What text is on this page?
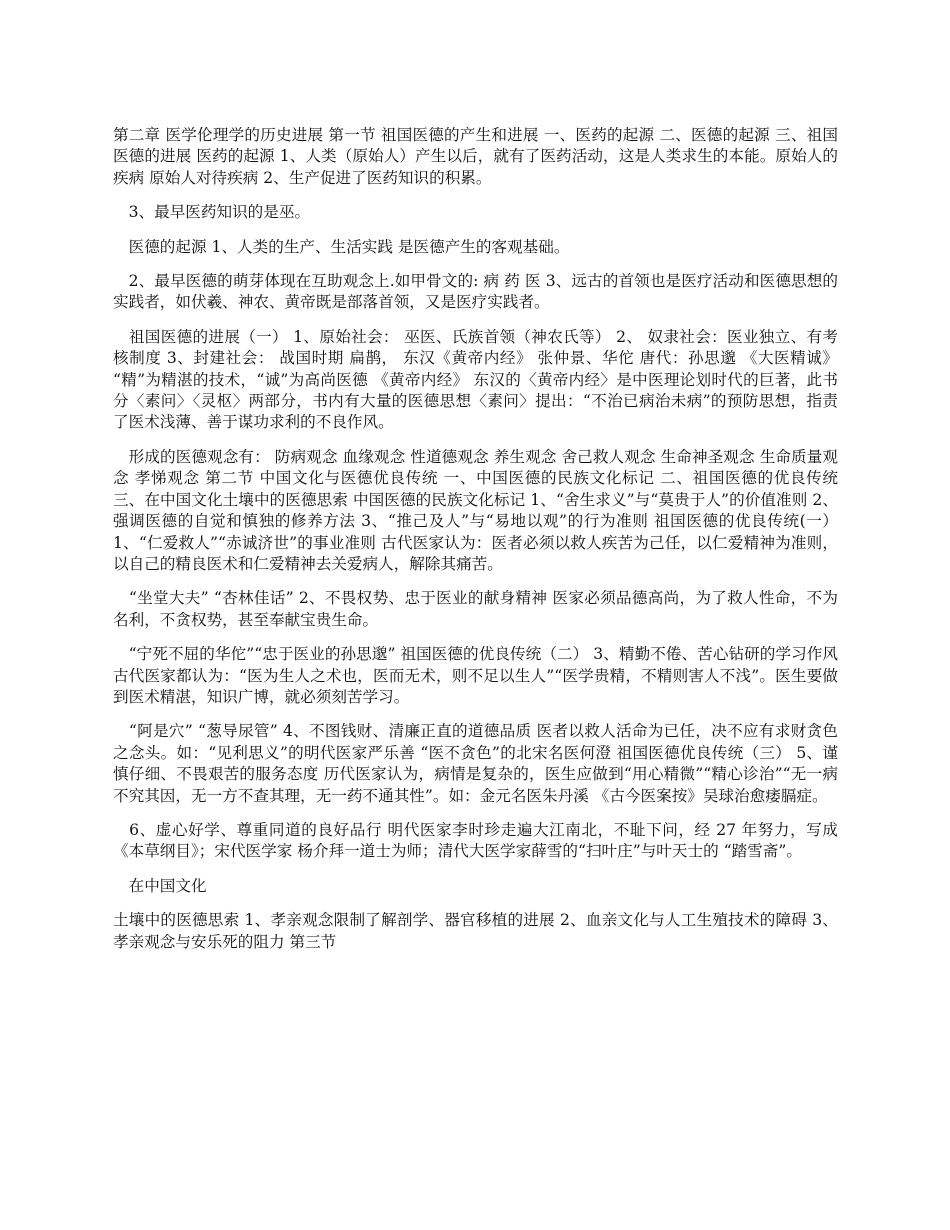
第二章 医学伦理学的历史进展 第一节 祖国医德的产生和进展 一、医药的起源 二、医德的起源 三、祖国医德的进展 医药的起源 1、人类（原始人）产生以后，就有了医药活动，这是人类求生的本能。原始人的疾病 原始人对待疾病 2、生产促进了医药知识的积累。

　3、最早医药知识的是巫。

　医德的起源 1、人类的生产、生活实践 是医德产生的客观基础。

　2、最早医德的萌芽体现在互助观念上.如甲骨文的: 病 药 医 3、远古的首领也是医疗活动和医德思想的实践者，如伏羲、神农、黄帝既是部落首领，又是医疗实践者。

　祖国医德的进展（一） 1、原始社会： 巫医、氏族首领（神农氏等） 2、 奴隶社会：医业独立、有考核制度 3、封建社会： 战国时期 扁鹊， 东汉《黄帝内经》 张仲景、华佗 唐代：孙思邈 《大医精诚》 “精”为精湛的技术，“诚”为高尚医德 《黄帝内经》 东汉的〈黄帝内经〉是中医理论划时代的巨著，此书分〈素问〉〈灵枢〉两部分，书内有大量的医德思想〈素问〉提出：“不治已病治未病”的预防思想，指责了医术浅薄、善于谋功求利的不良作风。

　形成的医德观念有： 防病观念 血缘观念 性道德观念 养生观念 舍己救人观念 生命神圣观念 生命质量观念 孝悌观念 第二节 中国文化与医德优良传统 一、中国医德的民族文化标记 二、祖国医德的优良传统 三、在中国文化土壤中的医德思索 中国医德的民族文化标记 1、“舍生求义”与“莫贵于人”的价值准则 2、强调医德的自觉和慎独的修养方法 3、“推己及人”与“易地以观”的行为准则 祖国医德的优良传统(一） 1、“仁爱救人”“赤诚济世”的事业准则 古代医家认为：医者必须以救人疾苦为己任，以仁爱精神为准则，以自己的精良医术和仁爱精神去关爱病人，解除其痛苦。

　“坐堂大夫” “杏林佳话” 2、不畏权势、忠于医业的献身精神 医家必须品德高尚，为了救人性命，不为名利，不贪权势，甚至奉献宝贵生命。

　“宁死不屈的华佗”“忠于医业的孙思邈” 祖国医德的优良传统（二） 3、精勤不倦、苦心钻研的学习作风 古代医家都认为：“医为生人之术也，医而无术，则不足以生人”“医学贵精，不精则害人不浅”。医生要做到医术精湛，知识广博，就必须刻苦学习。

　“阿是穴” “葱导尿管” 4、不图钱财、清廉正直的道德品质 医者以救人活命为已任，决不应有求财贪色之念头。如：“见利思义”的明代医家严乐善 “医不贪色”的北宋名医何澄 祖国医德优良传统（三） 5、谨慎仔细、不畏艰苦的服务态度 历代医家认为，病情是复杂的，医生应做到“用心精微”“精心诊治”“无一病不究其因，无一方不查其理，无一药不通其性”。如：金元名医朱丹溪 《古今医案按》吴球治愈痿膈症。

　6、虚心好学、尊重同道的良好品行 明代医家李时珍走遍大江南北，不耻下问，经 27 年努力，写成《本草纲目》；宋代医学家 杨介拜一道士为师；清代大医学家薛雪的“扫叶庄”与叶天士的 “踏雪斋”。

　在中国文化

土壤中的医德思索 1、孝亲观念限制了解剖学、器官移植的进展 2、血亲文化与人工生殖技术的障碍 3、孝亲观念与安乐死的阻力 第三节
